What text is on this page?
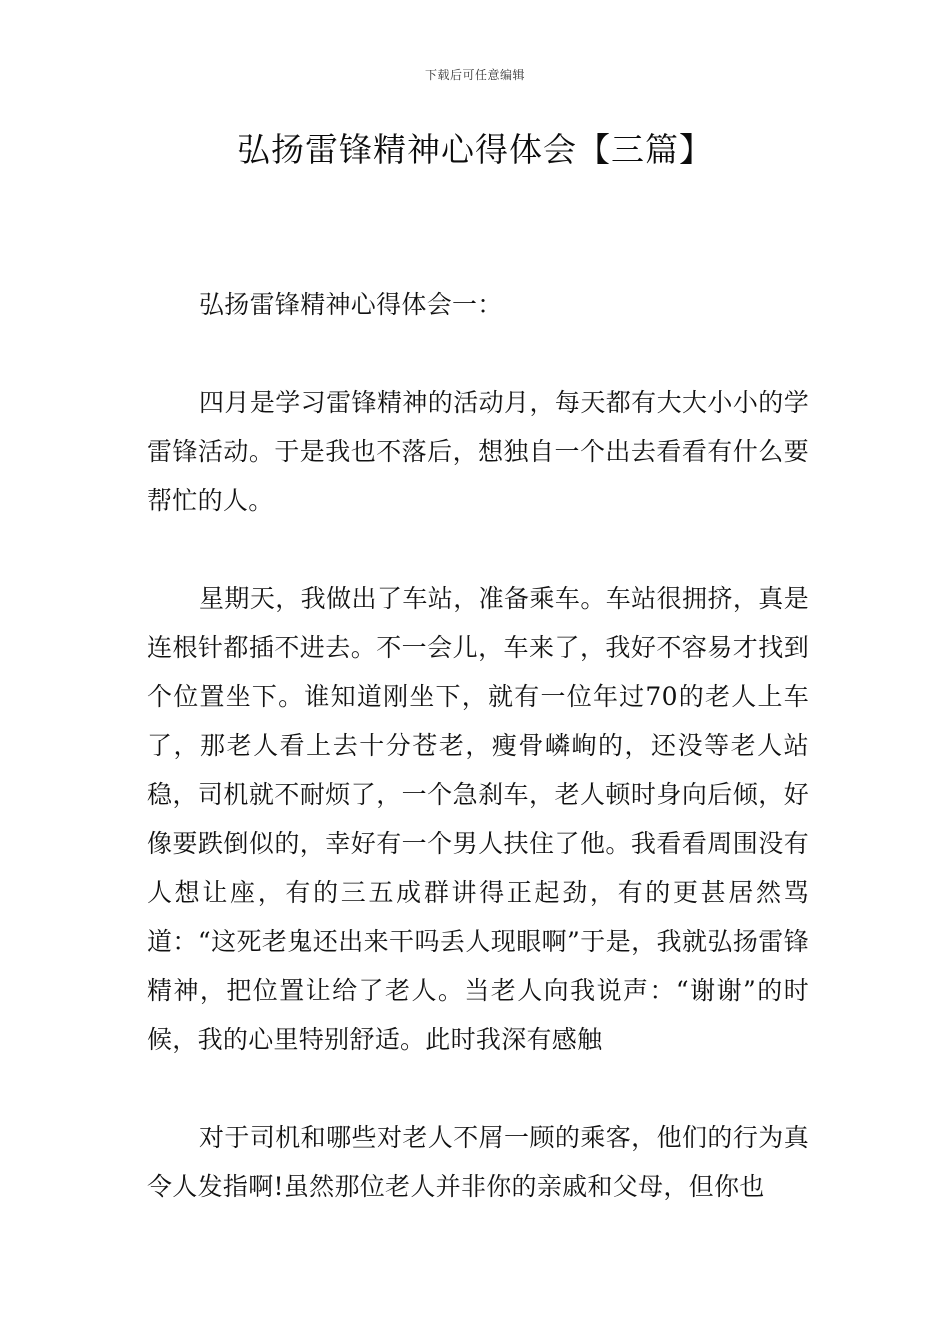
下载后可任意编辑
弘扬雷锋精神心得体会【三篇】

弘扬雷锋精神心得体会一：

四月是学习雷锋精神的活动月，每天都有大大小小的学雷锋活动。于是我也不落后，想独自一个出去看看有什么要帮忙的人。

星期天，我做出了车站，准备乘车。车站很拥挤，真是连根针都插不进去。不一会儿，车来了，我好不容易才找到个位置坐下。谁知道刚坐下，就有一位年过70的老人上车了，那老人看上去十分苍老，瘦骨嶙峋的，还没等老人站稳，司机就不耐烦了，一个急刹车，老人顿时身向后倾，好像要跌倒似的，幸好有一个男人扶住了他。我看看周围没有人想让座，有的三五成群讲得正起劲，有的更甚居然骂道：“这死老鬼还出来干吗丢人现眼啊”于是，我就弘扬雷锋精神，把位置让给了老人。当老人向我说声：“谢谢”的时候，我的心里特别舒适。此时我深有感触

对于司机和哪些对老人不屑一顾的乘客，他们的行为真令人发指啊!虽然那位老人并非你的亲戚和父母，但你也
